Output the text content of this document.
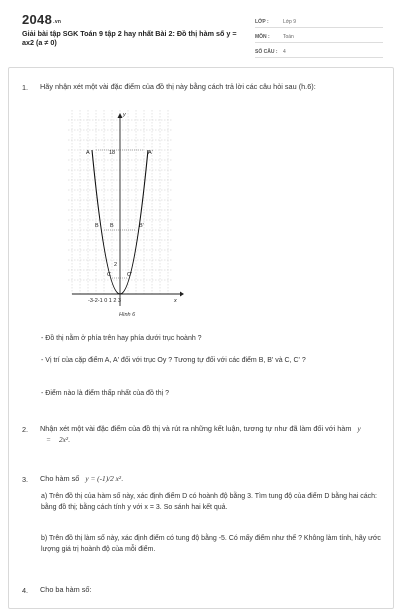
$2048_{.vn}$
Giải bài tập SGK Toán 9 tập 2 hay nhất Bài 2: Đồ thị hàm số y = ax2 (a ≠ 0)
LỚP :	Lớp 9
MÔN :	Toán
SỐ CÂU : 4
1. Hãy nhận xét một vài đặc điểm của đồ thị này bằng cách trả lời các câu hỏi sau (h.6):
y
x
A	A'
18
B B	B'
C	C'
2
-3-2-1 0 1 2 3
Hình 6
- Đồ thị nằm ở phía trên hay phía dưới trục hoành ?
- Vị trí của cặp điểm A, A' đối với trục Oy ? Tương tự đối với các điểm B, B' và C, C' ?
- Điểm nào là điểm thấp nhất của đồ thị ?
2. Nhận xét một vài đặc điểm của đồ thị và rút ra những kết luận, tương tự như đã làm đối với hàm y = 2x².
3. Cho hàm số y = (-1)/2 x².
a) Trên đồ thị của hàm số này, xác định điểm D có hoành độ bằng 3. Tìm tung độ của điểm D bằng hai cách: bằng đồ thị; bằng cách tính y với x = 3. So sánh hai kết quả.
b) Trên đồ thị làm số này, xác định điểm có tung độ bằng -5. Có mấy điểm như thế ? Không làm tính, hãy ước lượng giá trị hoành độ của mỗi điểm.
4. Cho ba hàm số:
